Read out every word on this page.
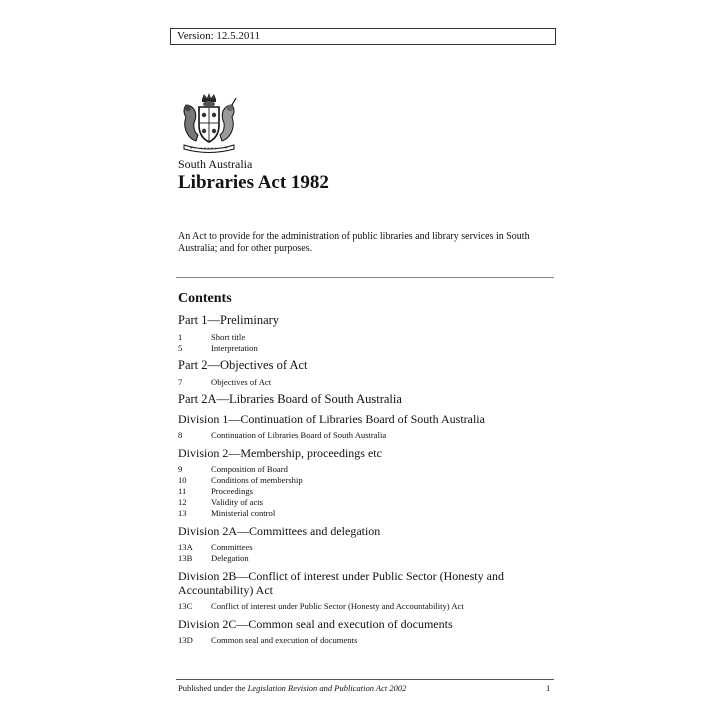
Version: 12.5.2011
South Australia
Libraries Act 1982

An Act to provide for the administration of public libraries and library services in South Australia; and for other purposes.

Contents
Part 1—Preliminary
1	Short title
5	Interpretation
Part 2—Objectives of Act
7	Objectives of Act
Part 2A—Libraries Board of South Australia
Division 1—Continuation of Libraries Board of South Australia
8	Continuation of Libraries Board of South Australia
Division 2—Membership, proceedings etc
9	Composition of Board
10	Conditions of membership
11	Proceedings
12	Validity of acts
13	Ministerial control
Division 2A—Committees and delegation
13A Committees
13B Delegation
Division 2B—Conflict of interest under Public Sector (Honesty and Accountability) Act
13C Conflict of interest under Public Sector (Honesty and Accountability) Act
Division 2C—Common seal and execution of documents
13D Common seal and execution of documents
Published under the Legislation Revision and Publication Act 2002	1
